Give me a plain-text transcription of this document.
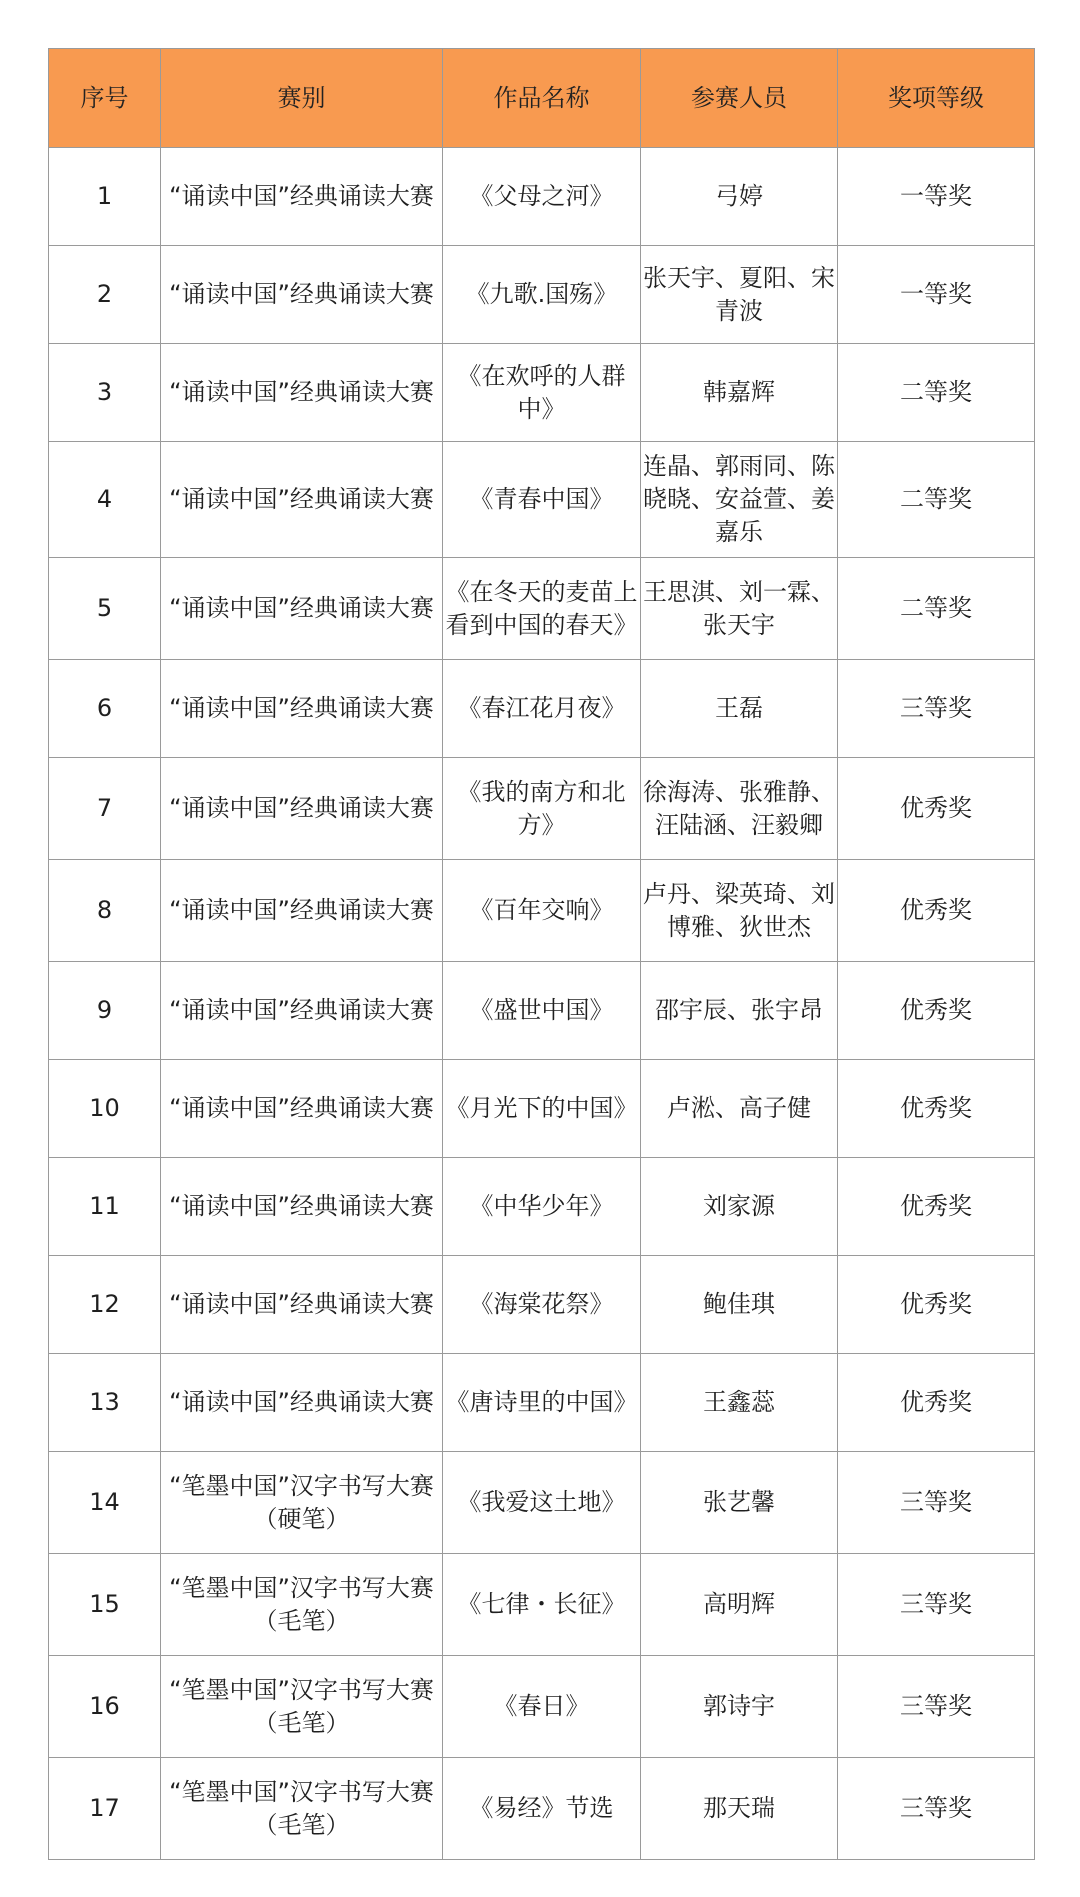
序号	赛别	作品名称	参赛人员	奖项等级
1	“诵读中国”经典诵读大赛	《父母之河》	弓婷	一等奖
2	“诵读中国”经典诵读大赛	《九歌.国殇》	张天宇、夏阳、宋青波	一等奖
3	“诵读中国”经典诵读大赛	《在欢呼的人群中》	韩嘉辉	二等奖
4	“诵读中国”经典诵读大赛	《青春中国》	连晶、郭雨同、陈晓晓、安益萱、姜嘉乐	二等奖
5	“诵读中国”经典诵读大赛	《在冬天的麦苗上看到中国的春天》	王思淇、刘一霖、张天宇	二等奖
6	“诵读中国”经典诵读大赛	《春江花月夜》	王磊	三等奖
7	“诵读中国”经典诵读大赛	《我的南方和北方》	徐海涛、张雅静、汪陆涵、汪毅卿	优秀奖
8	“诵读中国”经典诵读大赛	《百年交响》	卢丹、梁英琦、刘博雅、狄世杰	优秀奖
9	“诵读中国”经典诵读大赛	《盛世中国》	邵宇辰、张宇昂	优秀奖
10	“诵读中国”经典诵读大赛	《月光下的中国》	卢淞、高子健	优秀奖
11	“诵读中国”经典诵读大赛	《中华少年》	刘家源	优秀奖
12	“诵读中国”经典诵读大赛	《海棠花祭》	鲍佳琪	优秀奖
13	“诵读中国”经典诵读大赛	《唐诗里的中国》	王鑫蕊	优秀奖
14	“笔墨中国”汉字书写大赛（硬笔）	《我爱这土地》	张艺馨	三等奖
15	“笔墨中国”汉字书写大赛（毛笔）	《七律・长征》	高明辉	三等奖
16	“笔墨中国”汉字书写大赛（毛笔）	《春日》	郭诗宇	三等奖
17	“笔墨中国”汉字书写大赛（毛笔）	《易经》节选	那天瑞	三等奖
